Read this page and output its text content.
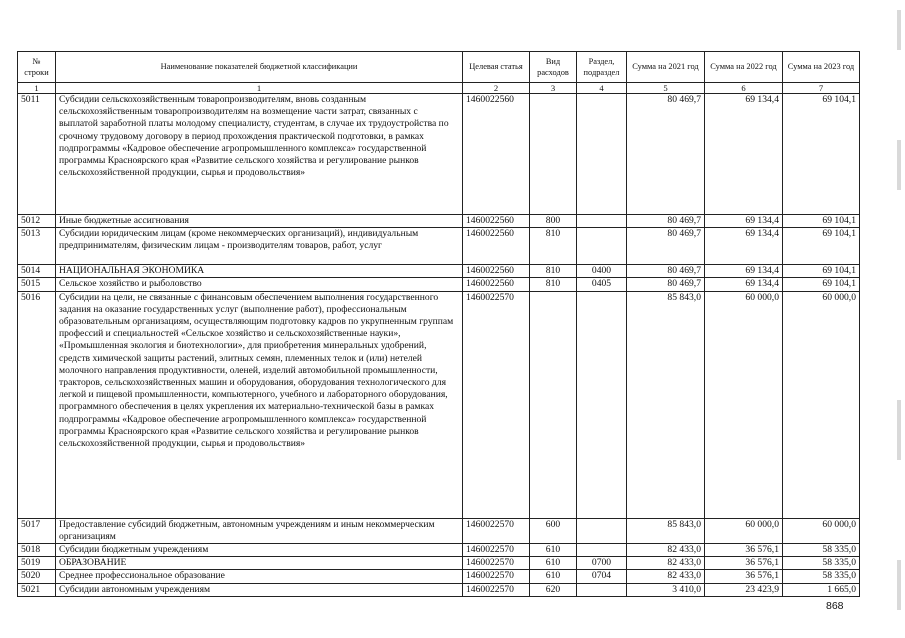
№ строки	Наименование показателей бюджетной классификации	Целевая статья	Вид расходов	Раздел, подраздел	Сумма на 2021 год	Сумма на 2022 год	Сумма на 2023 год
1	1	2	3	4	5	6	7
5011	Субсидии сельскохозяйственным товаропроизводителям, вновь созданным сельскохозяйственным товаропроизводителям на возмещение части затрат, связанных с выплатой заработной платы молодому специалисту, студентам, в случае их трудоустройства по срочному трудовому договору в период прохождения практической подготовки, в рамках подпрограммы «Кадровое обеспечение агропромышленного комплекса» государственной программы Красноярского края «Развитие сельского хозяйства и регулирование рынков сельскохозяйственной продукции, сырья и продовольствия»	1460022560			80 469,7	69 134,4	69 104,1
5012	Иные бюджетные ассигнования	1460022560	800		80 469,7	69 134,4	69 104,1
5013	Субсидии юридическим лицам (кроме некоммерческих организаций), индивидуальным предпринимателям, физическим лицам - производителям товаров, работ, услуг	1460022560	810		80 469,7	69 134,4	69 104,1
5014	НАЦИОНАЛЬНАЯ ЭКОНОМИКА	1460022560	810	0400	80 469,7	69 134,4	69 104,1
5015	Сельское хозяйство и рыболовство	1460022560	810	0405	80 469,7	69 134,4	69 104,1
5016	Субсидии на цели, не связанные с финансовым обеспечением выполнения государственного задания на оказание государственных услуг (выполнение работ), профессиональным образовательным организациям, осуществляющим подготовку кадров по укрупненным группам профессий и специальностей «Сельское хозяйство и сельскохозяйственные науки», «Промышленная экология и биотехнологии», для приобретения минеральных удобрений, средств химической защиты растений, элитных семян, племенных телок и (или) нетелей молочного направления продуктивности, оленей, изделий автомобильной промышленности, тракторов, сельскохозяйственных машин и оборудования, оборудования технологического для легкой и пищевой промышленности, компьютерного, учебного и лабораторного оборудования, программного обеспечения в целях укрепления их материально-технической базы в рамках подпрограммы «Кадровое обеспечение агропромышленного комплекса» государственной программы Красноярского края «Развитие сельского хозяйства и регулирование рынков сельскохозяйственной продукции, сырья и продовольствия»	1460022570			85 843,0	60 000,0	60 000,0
5017	Предоставление субсидий бюджетным, автономным учреждениям и иным некоммерческим организациям	1460022570	600		85 843,0	60 000,0	60 000,0
5018	Субсидии бюджетным учреждениям	1460022570	610		82 433,0	36 576,1	58 335,0
5019	ОБРАЗОВАНИЕ	1460022570	610	0700	82 433,0	36 576,1	58 335,0
5020	Среднее профессиональное образование	1460022570	610	0704	82 433,0	36 576,1	58 335,0
5021	Субсидии автономным учреждениям	1460022570	620		3 410,0	23 423,9	1 665,0
868
